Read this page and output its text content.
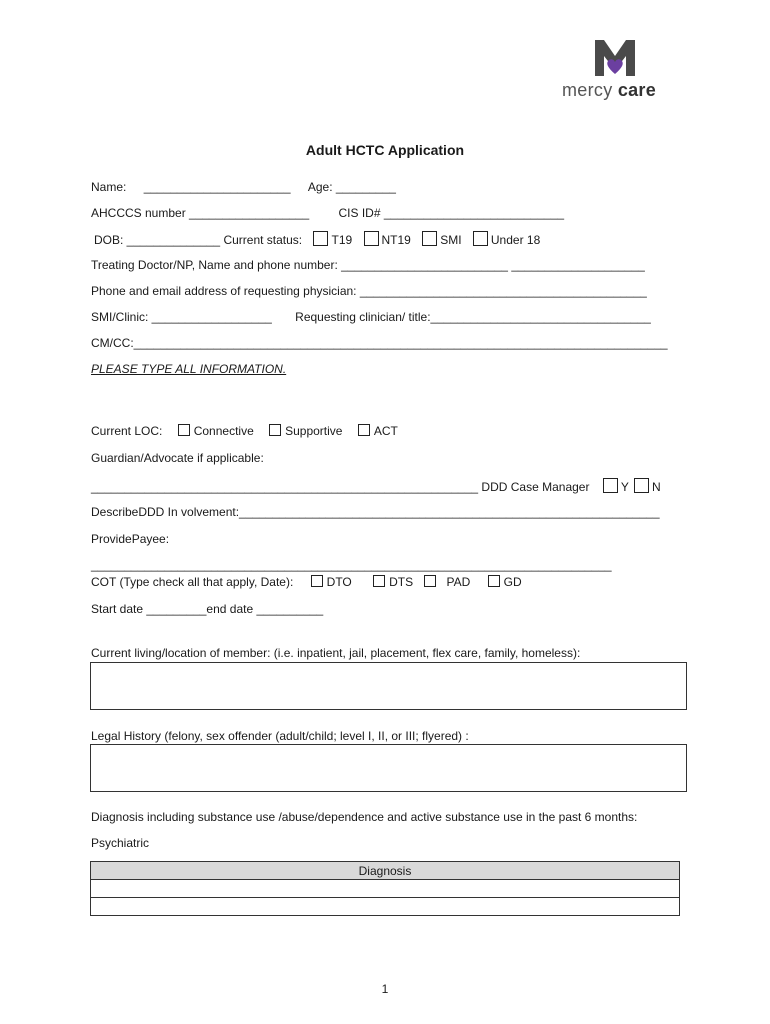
mercy care
Adult HCTC Application
Name: ______________________ Age: _________
AHCCCS number __________________ CIS ID# ___________________________
DOB: ______________ Current status: T19 NT19 SMI Under 18
Treating Doctor/NP, Name and phone number: _________________________ ____________________
Phone and email address of requesting physician: ___________________________________________
SMI/Clinic: __________________ Requesting clinician/ title:_________________________________
CM/CC:________________________________________________________________________________
PLEASE TYPE ALL INFORMATION.
Current LOC:	Connective	Supportive	ACT
Guardian/Advocate if applicable:
__________________________________________________________ DDD Case Manager	Y N
DescribeDDD In volvement:_______________________________________________________________
ProvidePayee:
______________________________________________________________________________
COT (Type check all that apply, Date):	DTO	DTS	PAD	GD
Start date _________end date __________
Current living/location of member: (i.e. inpatient, jail, placement, flex care, family, homeless):
Legal History (felony, sex offender (adult/child; level I, II, or III; flyered) :
Diagnosis including substance use /abuse/dependence and active substance use in the past 6 months:
Psychiatric
Diagnosis

1
